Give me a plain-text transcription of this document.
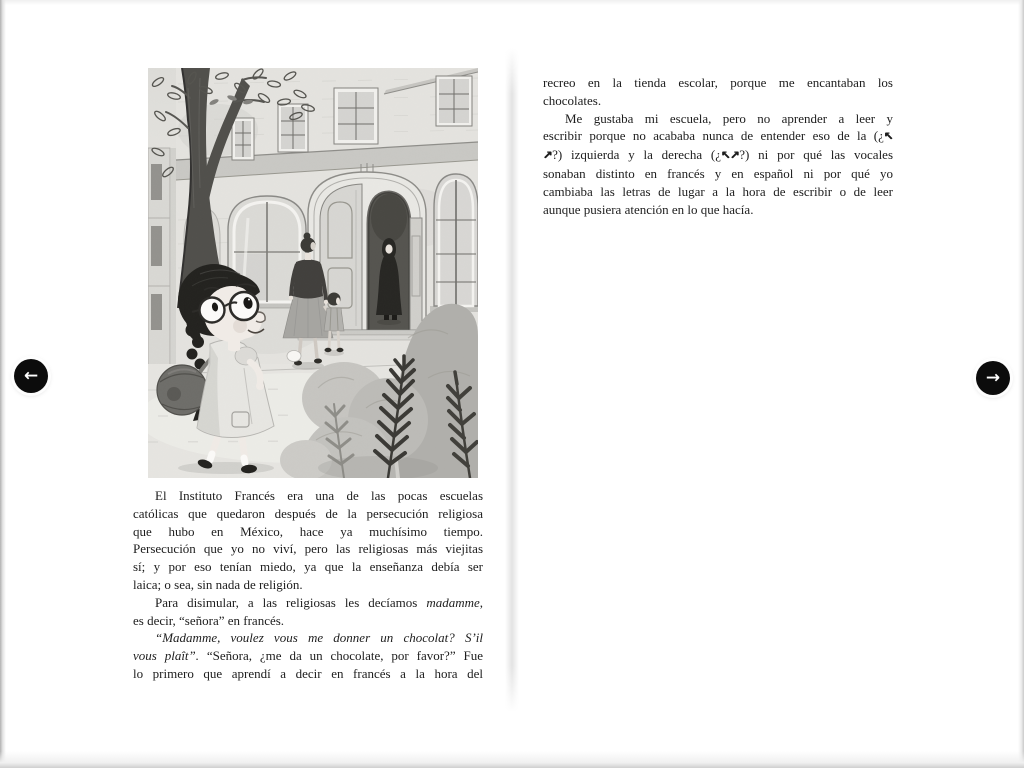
El Instituto Francés era una de las pocas escuelas
católicas que quedaron después de la persecución religiosa
que hubo en México, hace ya muchísimo tiempo.
Persecución que yo no viví, pero las religiosas más viejitas
sí; y por eso tenían miedo, ya que la enseñanza debía ser
laica; o sea, sin nada de religión.
Para disimular, a las religiosas les decíamos madamme,
es decir, “señora” en francés.
“Madamme, voulez vous me donner un chocolat? S’il
vous plaît”. “Señora, ¿me da un chocolate, por favor?” Fue
lo primero que aprendí a decir en francés a la hora del
recreo en la tienda escolar, porque me encantaban los
chocolates.
Me gustaba mi escuela, pero no aprender a leer y
escribir porque no acababa nunca de entender eso de la (¿↖
↗?) izquierda y la derecha (¿↖↗?) ni por qué las vocales
sonaban distinto en francés y en español ni por qué yo
cambiaba las letras de lugar a la hora de escribir o de leer
aunque pusiera atención en lo que hacía.
←	→
